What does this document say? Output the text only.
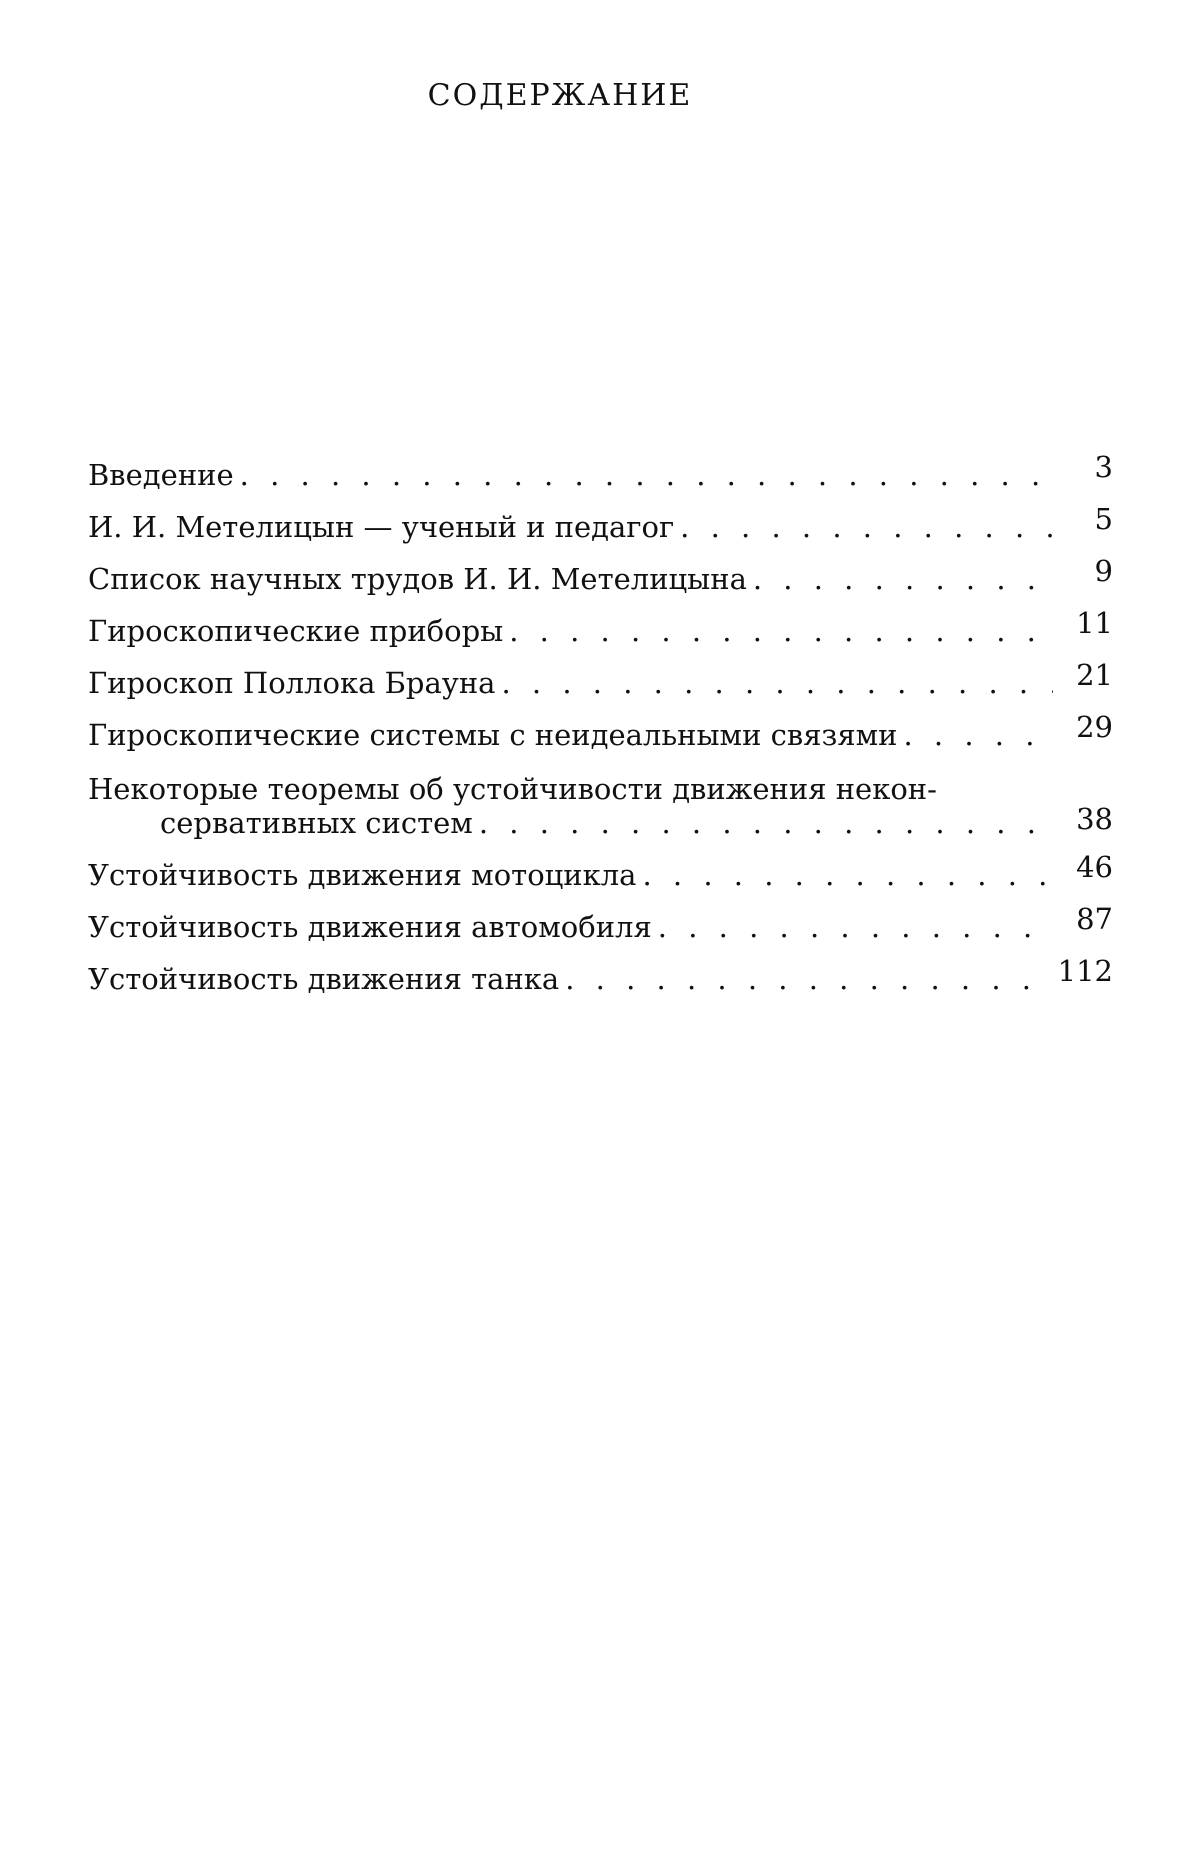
СОДЕРЖАНИЕ
Введение . . .	3
И. И. Метелицын — ученый и педагог . . .	5
Список научных трудов И. И. Метелицына . . .	9
Гироскопические приборы . . .	11
Гироскоп Поллока Брауна . . .	21
Гироскопические системы с неидеальными связями . . .	29
Некоторые теоремы об устойчивости движения некон-
сервативных систем . . .	38
Устойчивость движения мотоцикла . . .	46
Устойчивость движения автомобиля . . .	87
Устойчивость движения танка . . .	112
